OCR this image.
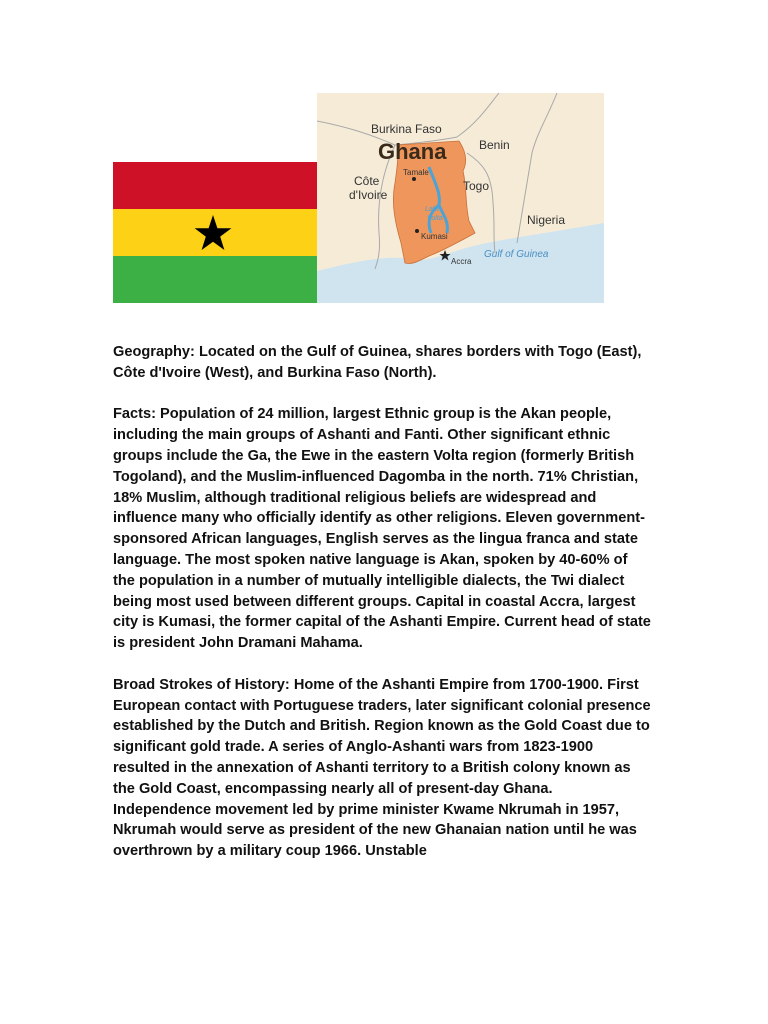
Burkina Faso
Ghana	Benin
Côte
d'Ivoire
Togo
Nigeria
Tamale
Kumasi
Accra
Lake
Volta
Gulf of Guinea

Geography: Located on the Gulf of Guinea, shares borders with Togo (East), Côte d'Ivoire (West), and Burkina Faso (North).

Facts: Population of 24 million, largest Ethnic group is the Akan people, including the main groups of Ashanti and Fanti. Other significant ethnic groups include the Ga, the Ewe in the eastern Volta region (formerly British Togoland), and the Muslim-influenced Dagomba in the north. 71% Christian, 18% Muslim, although traditional religious beliefs are widespread and influence many who officially identify as other religions. Eleven government-sponsored African languages, English serves as the lingua franca and state language. The most spoken native language is Akan, spoken by 40-60% of the population in a number of mutually intelligible dialects, the Twi dialect being most used between different groups. Capital in coastal Accra, largest city is Kumasi, the former capital of the Ashanti Empire. Current head of state is president John Dramani Mahama.

Broad Strokes of History: Home of the Ashanti Empire from 1700-1900. First European contact with Portuguese traders, later significant colonial presence established by the Dutch and British. Region known as the Gold Coast due to significant gold trade. A series of Anglo-Ashanti wars from 1823-1900 resulted in the annexation of Ashanti territory to a British colony known as the Gold Coast, encompassing nearly all of present-day Ghana. Independence movement led by prime minister Kwame Nkrumah in 1957, Nkrumah would serve as president of the new Ghanaian nation until he was overthrown by a military coup 1966. Unstable
